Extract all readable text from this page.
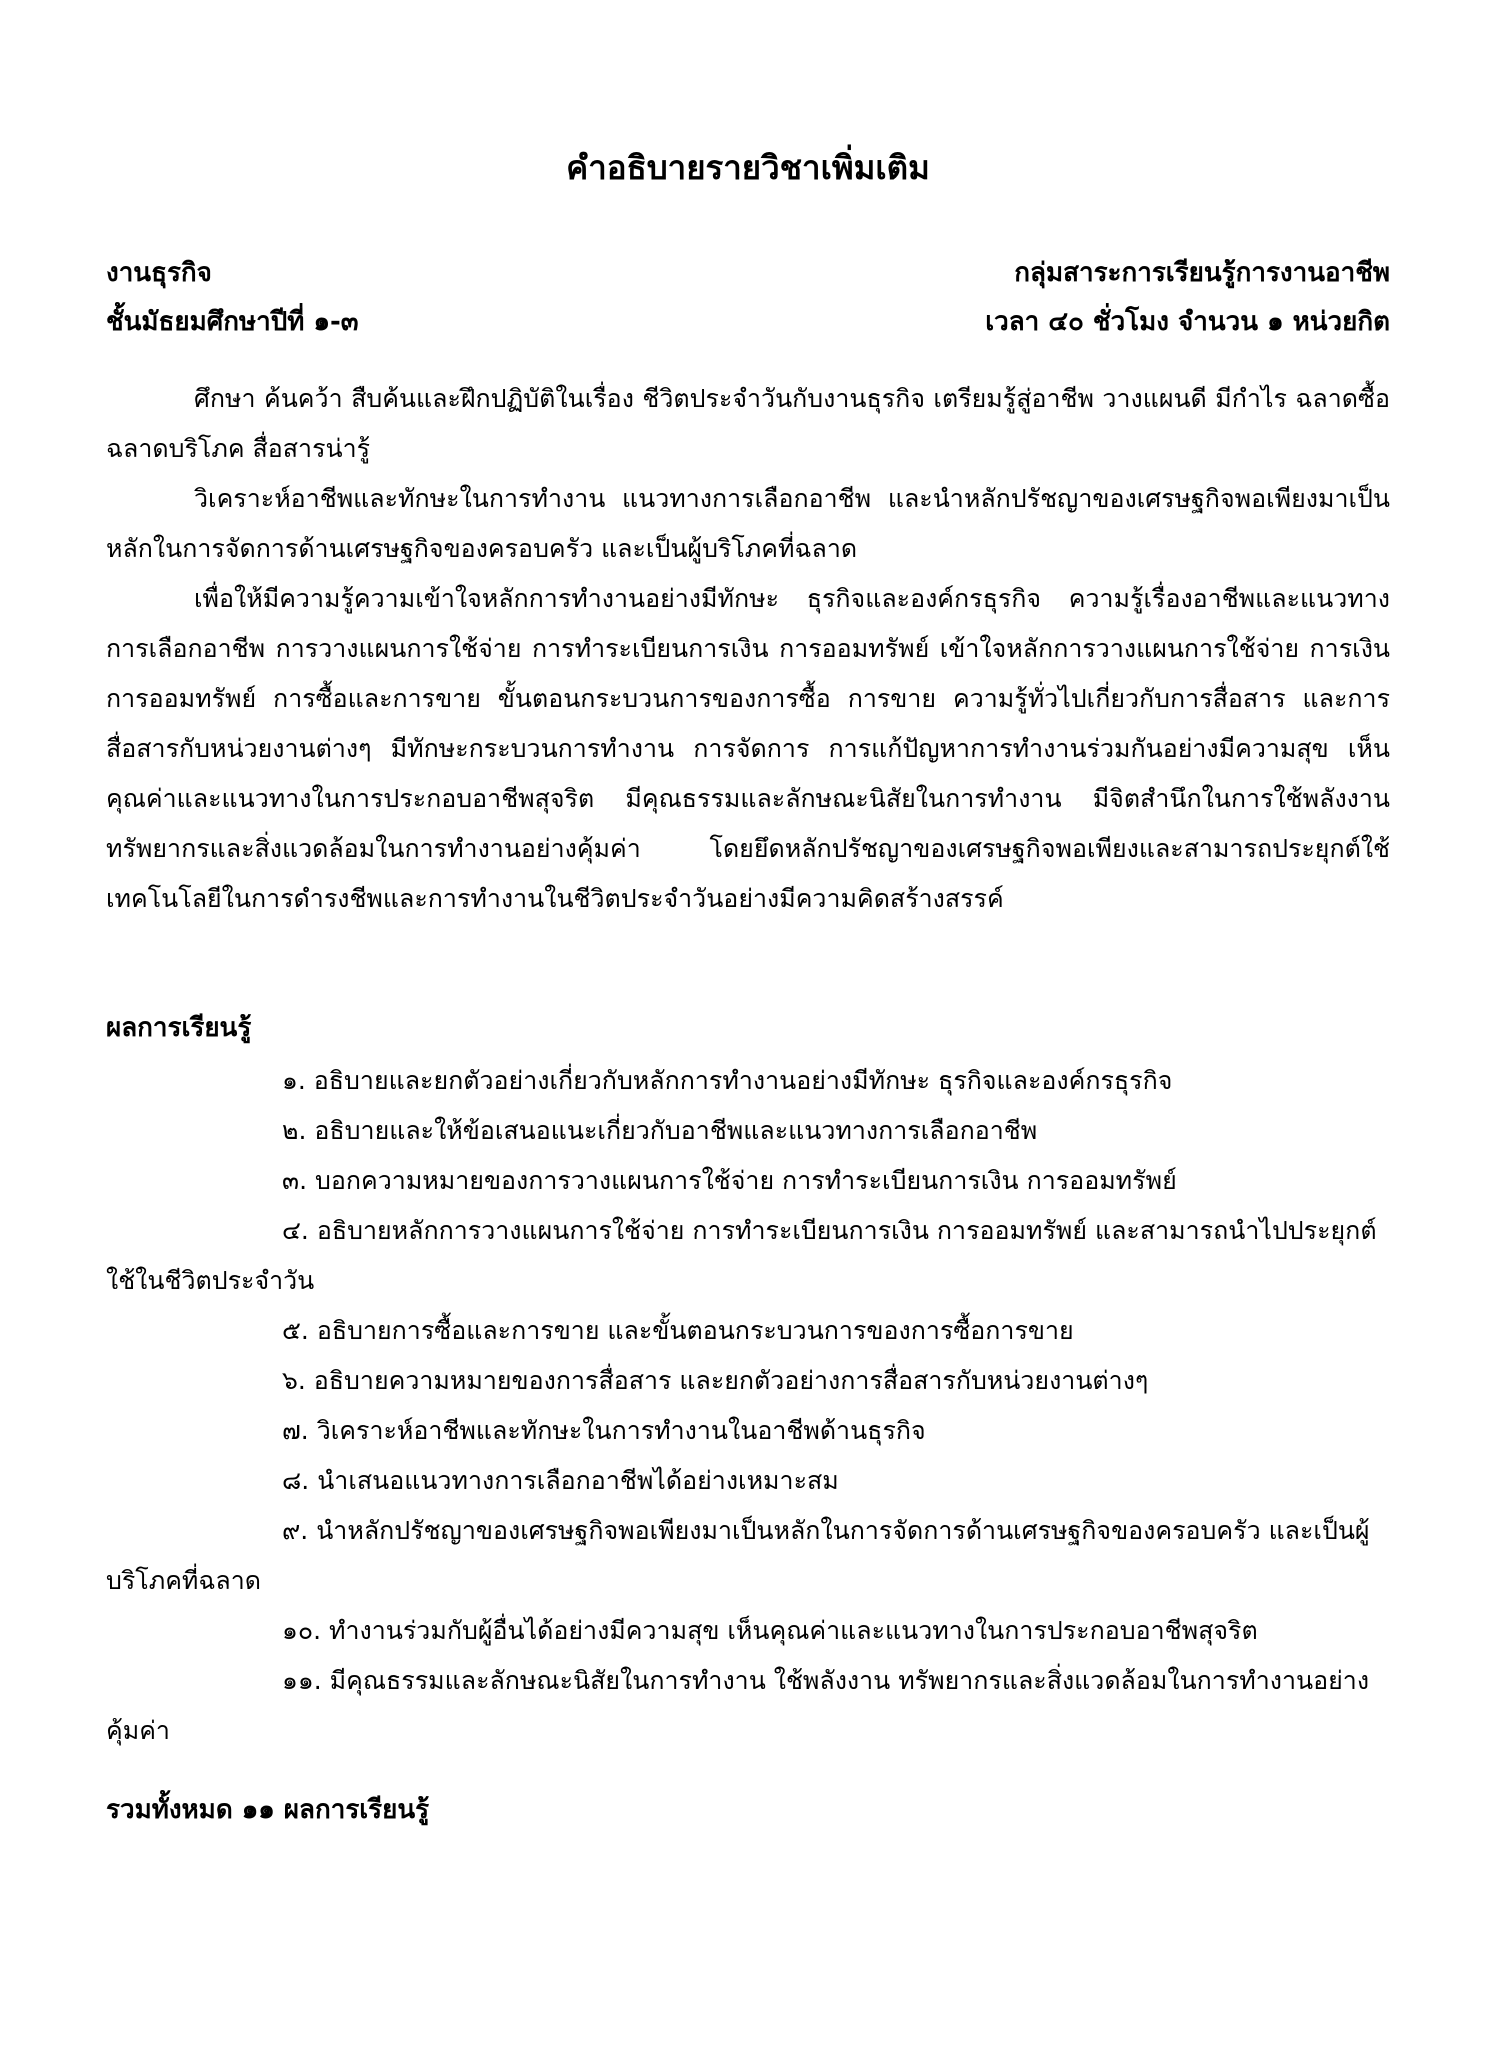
คำอธิบายรายวิชาเพิ่มเติม
งานธุรกิจ	กลุ่มสาระการเรียนรู้การงานอาชีพ
ชั้นมัธยมศึกษาปีที่ ๑-๓	เวลา ๔๐ ชั่วโมง จำนวน ๑ หน่วยกิต

ศึกษา ค้นคว้า สืบค้นและฝึกปฏิบัติในเรื่อง ชีวิตประจำวันกับงานธุรกิจ เตรียมรู้สู่อาชีพ วางแผนดี มีกำไร ฉลาดซื้อฉลาดบริโภค สื่อสารน่ารู้

วิเคราะห์อาชีพและทักษะในการทำงาน แนวทางการเลือกอาชีพ และนำหลักปรัชญาของเศรษฐกิจพอเพียงมาเป็นหลักในการจัดการด้านเศรษฐกิจของครอบครัว และเป็นผู้บริโภคที่ฉลาด

เพื่อให้มีความรู้ความเข้าใจหลักการทำงานอย่างมีทักษะ ธุรกิจและองค์กรธุรกิจ ความรู้เรื่องอาชีพและแนวทางการเลือกอาชีพ การวางแผนการใช้จ่าย การทำระเบียนการเงิน การออมทรัพย์ เข้าใจหลักการวางแผนการใช้จ่าย การเงิน การออมทรัพย์ การซื้อและการขาย ขั้นตอนกระบวนการของการซื้อ การขาย ความรู้ทั่วไปเกี่ยวกับการสื่อสาร และการสื่อสารกับหน่วยงานต่างๆ มีทักษะกระบวนการทำงาน การจัดการ การแก้ปัญหาการทำงานร่วมกันอย่างมีความสุข เห็นคุณค่าและแนวทางในการประกอบอาชีพสุจริต มีคุณธรรมและลักษณะนิสัยในการทำงาน มีจิตสำนึกในการใช้พลังงาน ทรัพยากรและสิ่งแวดล้อมในการทำงานอย่างคุ้มค่า โดยยึดหลักปรัชญาของเศรษฐกิจพอเพียงและสามารถประยุกต์ใช้เทคโนโลยีในการดำรงชีพและการทำงานในชีวิตประจำวันอย่างมีความคิดสร้างสรรค์

ผลการเรียนรู้

๑. อธิบายและยกตัวอย่างเกี่ยวกับหลักการทำงานอย่างมีทักษะ ธุรกิจและองค์กรธุรกิจ

๒. อธิบายและให้ข้อเสนอแนะเกี่ยวกับอาชีพและแนวทางการเลือกอาชีพ

๓. บอกความหมายของการวางแผนการใช้จ่าย การทำระเบียนการเงิน การออมทรัพย์

๔. อธิบายหลักการวางแผนการใช้จ่าย การทำระเบียนการเงิน การออมทรัพย์ และสามารถนำไปประยุกต์ใช้ในชีวิตประจำวัน

๕. อธิบายการซื้อและการขาย และขั้นตอนกระบวนการของการซื้อการขาย

๖. อธิบายความหมายของการสื่อสาร และยกตัวอย่างการสื่อสารกับหน่วยงานต่างๆ

๗. วิเคราะห์อาชีพและทักษะในการทำงานในอาชีพด้านธุรกิจ

๘. นำเสนอแนวทางการเลือกอาชีพได้อย่างเหมาะสม

๙. นำหลักปรัชญาของเศรษฐกิจพอเพียงมาเป็นหลักในการจัดการด้านเศรษฐกิจของครอบครัว และเป็นผู้บริโภคที่ฉลาด

๑๐. ทำงานร่วมกับผู้อื่นได้อย่างมีความสุข เห็นคุณค่าและแนวทางในการประกอบอาชีพสุจริต

๑๑. มีคุณธรรมและลักษณะนิสัยในการทำงาน ใช้พลังงาน ทรัพยากรและสิ่งแวดล้อมในการทำงานอย่างคุ้มค่า

รวมทั้งหมด ๑๑ ผลการเรียนรู้
